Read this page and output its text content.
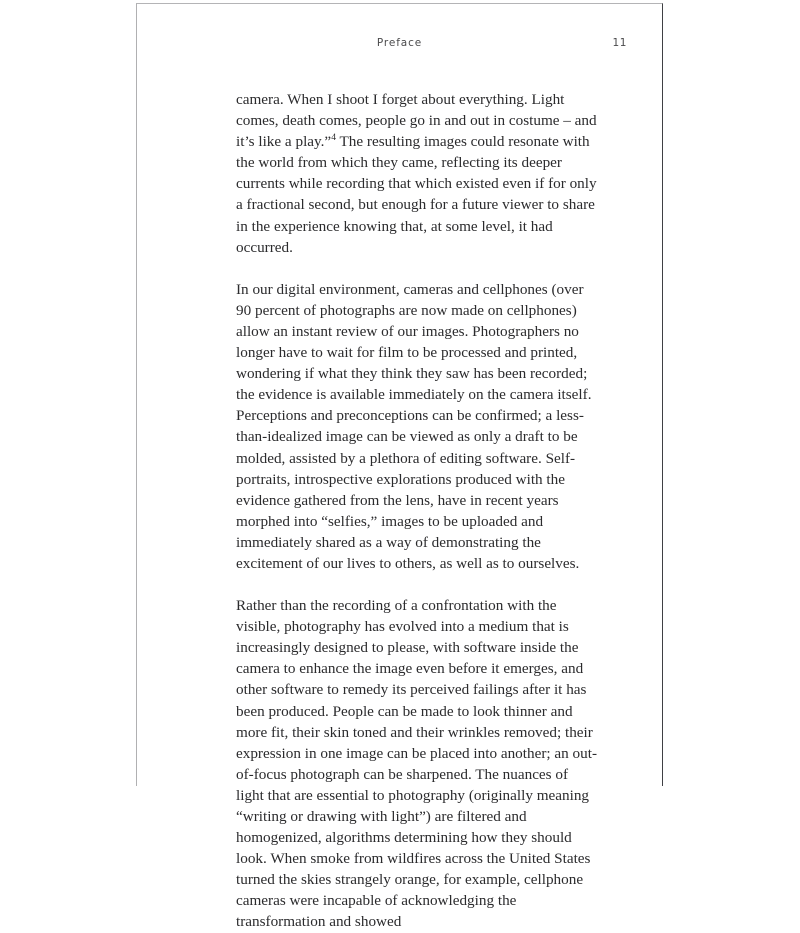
Preface	11

camera. When I shoot I forget about everything. Light comes, death comes, people go in and out in costume – and it’s like a play.”$^4$ The resulting images could resonate with the world from which they came, reflecting its deeper currents while recording that which existed even if for only a fractional second, but enough for a future viewer to share in the experience knowing that, at some level, it had occurred.

In our digital environment, cameras and cellphones (over 90 percent of photographs are now made on cellphones) allow an instant review of our images. Photographers no longer have to wait for film to be processed and printed, wondering if what they think they saw has been recorded; the evidence is available immediately on the camera itself. Perceptions and preconceptions can be confirmed; a less-than-idealized image can be viewed as only a draft to be molded, assisted by a plethora of editing software. Self-portraits, introspective explorations produced with the evidence gathered from the lens, have in recent years morphed into “selfies,” images to be uploaded and immediately shared as a way of demonstrating the excitement of our lives to others, as well as to ourselves.

Rather than the recording of a confrontation with the visible, photography has evolved into a medium that is increasingly designed to please, with software inside the camera to enhance the image even before it emerges, and other software to remedy its perceived failings after it has been produced. People can be made to look thinner and more fit, their skin toned and their wrinkles removed; their expression in one image can be placed into another; an out-of-focus photograph can be sharpened. The nuances of light that are essential to photography (originally meaning “writing or drawing with light”) are filtered and homogenized, algorithms determining how they should look. When smoke from wildfires across the United States turned the skies strangely orange, for example, cellphone cameras were incapable of acknowledging the transformation and showed
